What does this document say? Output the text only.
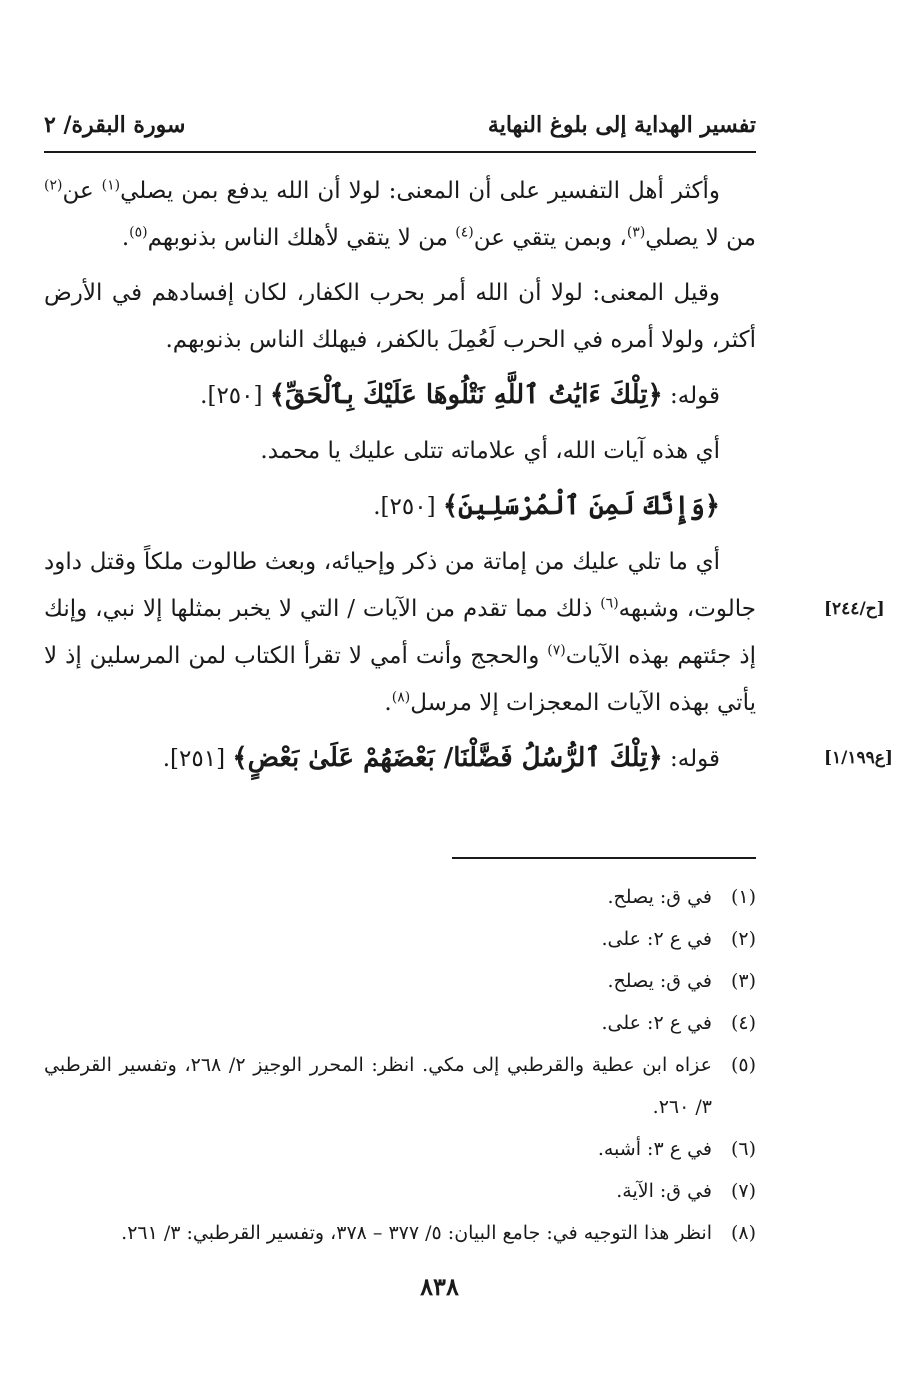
تفسير الهداية إلى بلوغ النهاية
سورة البقرة/ ٢

وأكثر أهل التفسير على أن المعنى: لولا أن الله يدفع بمن يصلي$^{(١)}$ عن$^{(٢)}$ من لا يصلي$^{(٣)}$، وبمن يتقي عن$^{(٤)}$ من لا يتقي لأهلك الناس بذنوبهم$^{(٥)}$.

وقيل المعنى: لولا أن الله أمر بحرب الكفار، لكان إفسادهم في الأرض أكثر، ولولا أمره في الحرب لَعُمِلَ بالكفر، فيهلك الناس بذنوبهم.

قوله: ﴿تِلْكَ ءَايَٰتُ ٱللَّهِ نَتْلُوهَا عَلَيْكَ بِٱلْحَقِّ﴾ [٢٥٠].

أي هذه آيات الله، أي علاماته تتلى عليك يا محمد.

﴿وَإِنَّكَ لَمِنَ ٱلْمُرْسَلِينَ﴾ [٢٥٠].

[ح/٢٤٤]
أي ما تلي عليك من إماتة من ذكر وإحيائه، وبعث طالوت ملكاً وقتل داود جالوت، وشبهه$^{(٦)}$ ذلك مما تقدم من الآيات / التي لا يخبر بمثلها إلا نبي، وإنك إذ جئتهم بهذه الآيات$^{(٧)}$ والحجج وأنت أمي لا تقرأ الكتاب لمن المرسلين إذ لا يأتي بهذه الآيات المعجزات إلا مرسل$^{(٨)}$.

[ع١/١٩٩]
قوله: ﴿تِلْكَ ٱلرُّسُلُ فَضَّلْنَا/ بَعْضَهُمْ عَلَىٰ بَعْضٍ﴾ [٢٥١].

(١)
في ق: يصلح.
(٢)
في ع ٢: على.
(٣)
في ق: يصلح.
(٤)
في ع ٢: على.
(٥)
عزاه ابن عطية والقرطبي إلى مكي. انظر: المحرر الوجيز ٢/ ٢٦٨، وتفسير القرطبي ٣/ ٢٦٠.
(٦)
في ع ٣: أشبه.
(٧)
في ق: الآية.
(٨)
انظر هذا التوجيه في: جامع البيان: ٥/ ٣٧٧ – ٣٧٨، وتفسير القرطبي: ٣/ ٢٦١.
٨٣٨
